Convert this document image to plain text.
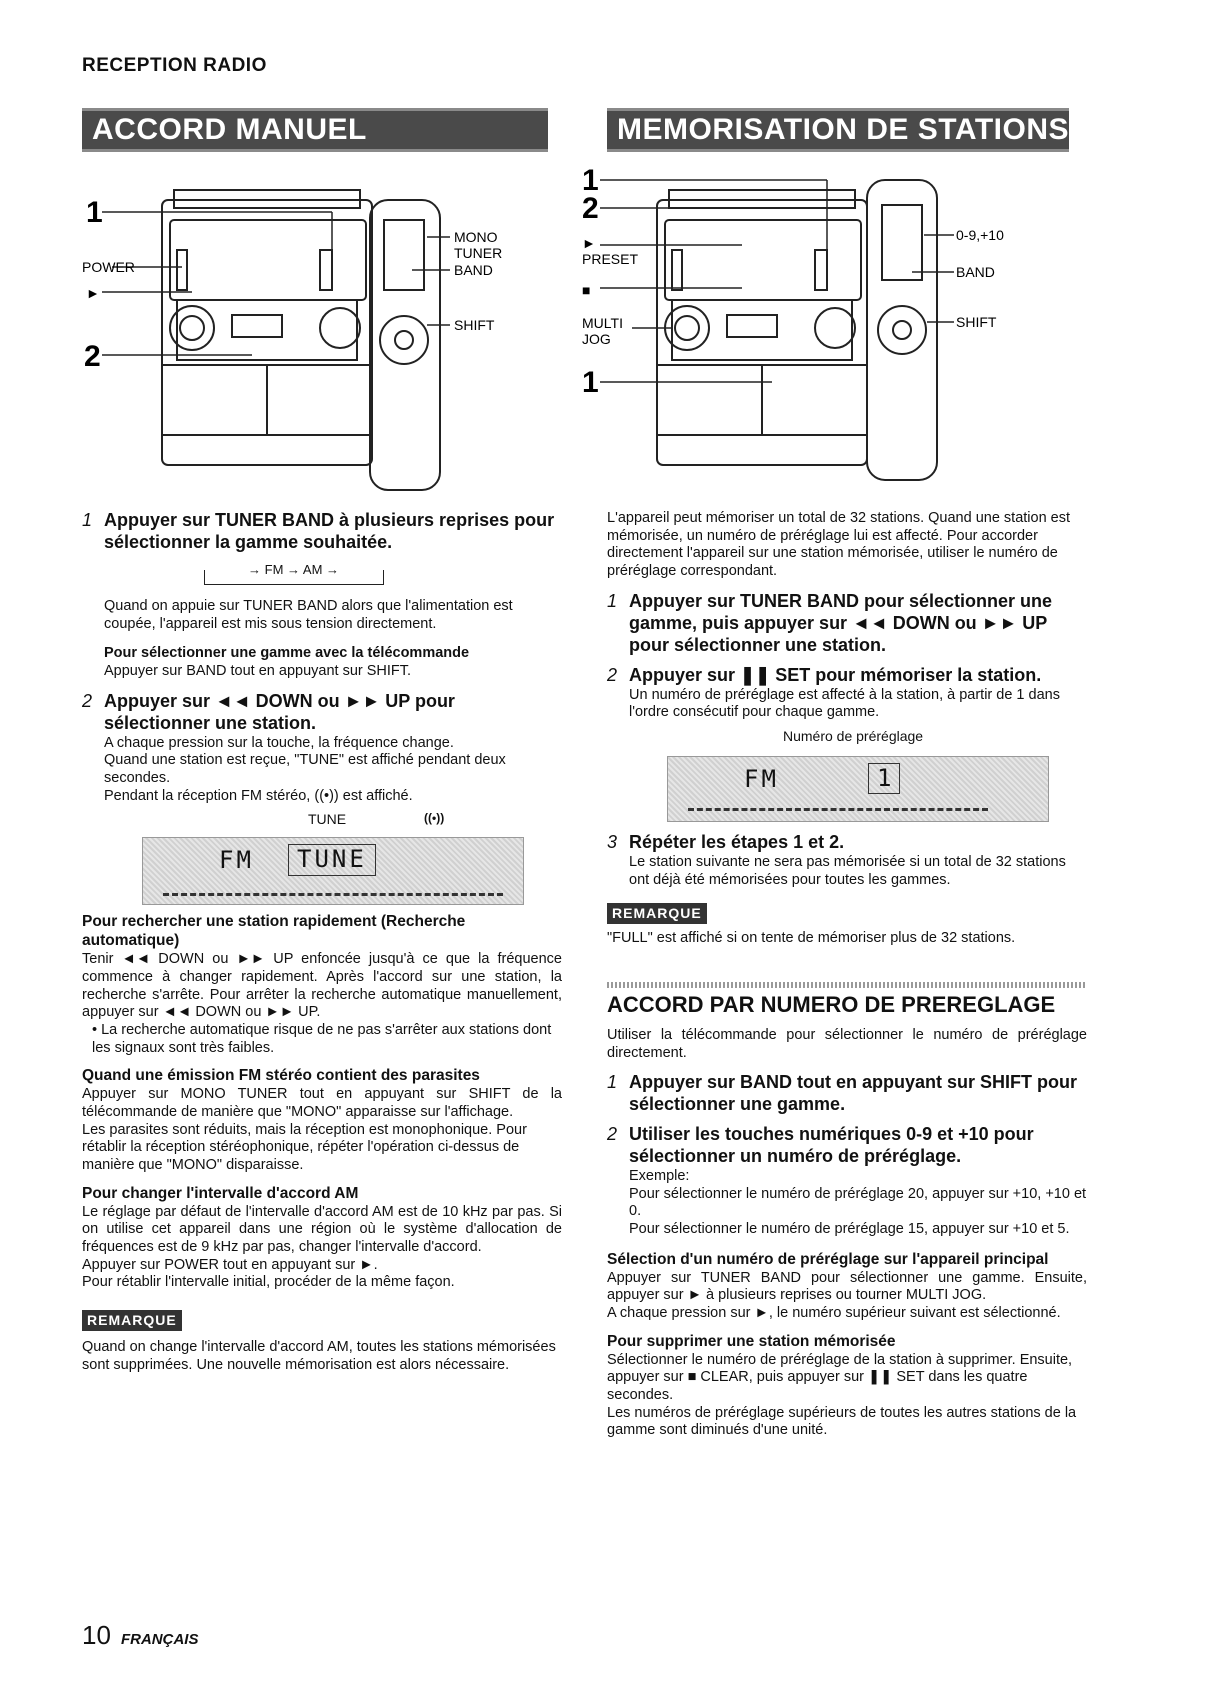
RECEPTION RADIO
ACCORD MANUEL	MEMORISATION DE STATIONS
1
POWER
►
2
MONO
TUNER
BAND
SHIFT
1
2
►
PRESET
■
MULTI
JOG
1
0-9,+10
BAND
SHIFT
1 Appuyer sur TUNER BAND à plusieurs reprises pour sélectionner la gamme souhaitée.
→ FM → AM →

Quand on appuie sur TUNER BAND alors que l'alimentation est coupée, l'appareil est mis sous tension directement.

Pour sélectionner une gamme avec la télécommande

Appuyer sur BAND tout en appuyant sur SHIFT.

2 Appuyer sur ◄◄ DOWN ou ►► UP pour sélectionner une station.

A chaque pression sur la touche, la fréquence change.

Quand une station est reçue, "TUNE" est affiché pendant deux secondes.

Pendant la réception FM stéréo, ((•)) est affiché.

TUNE	((•))
FM	TUNE

Pour rechercher une station rapidement (Recherche automatique)

Tenir ◄◄ DOWN ou ►► UP enfoncée jusqu'à ce que la fréquence commence à changer rapidement. Après l'accord sur une station, la recherche s'arrête. Pour arrêter la recherche automatique manuellement, appuyer sur ◄◄ DOWN ou ►► UP.

• La recherche automatique risque de ne pas s'arrêter aux stations dont les signaux sont très faibles.

Quand une émission FM stéréo contient des parasites

Appuyer sur MONO TUNER tout en appuyant sur SHIFT de la télécommande de manière que "MONO" apparaisse sur l'affichage.

Les parasites sont réduits, mais la réception est monophonique. Pour rétablir la réception stéréophonique, répéter l'opération ci-dessus de manière que "MONO" disparaisse.

Pour changer l'intervalle d'accord AM

Le réglage par défaut de l'intervalle d'accord AM est de 10 kHz par pas. Si on utilise cet appareil dans une région où le système d'allocation de fréquences est de 9 kHz par pas, changer l'intervalle d'accord.

Appuyer sur POWER tout en appuyant sur ►.

Pour rétablir l'intervalle initial, procéder de la même façon.

REMARQUE

Quand on change l'intervalle d'accord AM, toutes les stations mémorisées sont supprimées. Une nouvelle mémorisation est alors nécessaire.

L'appareil peut mémoriser un total de 32 stations. Quand une station est mémorisée, un numéro de préréglage lui est affecté. Pour accorder directement l'appareil sur une station mémorisée, utiliser le numéro de préréglage correspondant.

1 Appuyer sur TUNER BAND pour sélectionner une gamme, puis appuyer sur ◄◄ DOWN ou ►► UP pour sélectionner une station.
2 Appuyer sur ❚❚ SET pour mémoriser la station.

Un numéro de préréglage est affecté à la station, à partir de 1 dans l'ordre consécutif pour chaque gamme.

Numéro de préréglage
FM	1
3 Répéter les étapes 1 et 2.

Le station suivante ne sera pas mémorisée si un total de 32 stations ont déjà été mémorisées pour toutes les gammes.

REMARQUE

"FULL" est affiché si on tente de mémoriser plus de 32 stations.

ACCORD PAR NUMERO DE PREREGLAGE

Utiliser la télécommande pour sélectionner le numéro de préréglage directement.

1 Appuyer sur BAND tout en appuyant sur SHIFT pour sélectionner une gamme.
2 Utiliser les touches numériques 0-9 et +10 pour sélectionner un numéro de préréglage.

Exemple:

Pour sélectionner le numéro de préréglage 20, appuyer sur +10, +10 et 0.

Pour sélectionner le numéro de préréglage 15, appuyer sur +10 et 5.

Sélection d'un numéro de préréglage sur l'appareil principal

Appuyer sur TUNER BAND pour sélectionner une gamme. Ensuite, appuyer sur ► à plusieurs reprises ou tourner MULTI JOG.

A chaque pression sur ►, le numéro supérieur suivant est sélectionné.

Pour supprimer une station mémorisée

Sélectionner le numéro de préréglage de la station à supprimer. Ensuite, appuyer sur ■ CLEAR, puis appuyer sur ❚❚ SET dans les quatre secondes.

Les numéros de préréglage supérieurs de toutes les autres stations de la gamme sont diminués d'une unité.

10 FRANÇAIS
